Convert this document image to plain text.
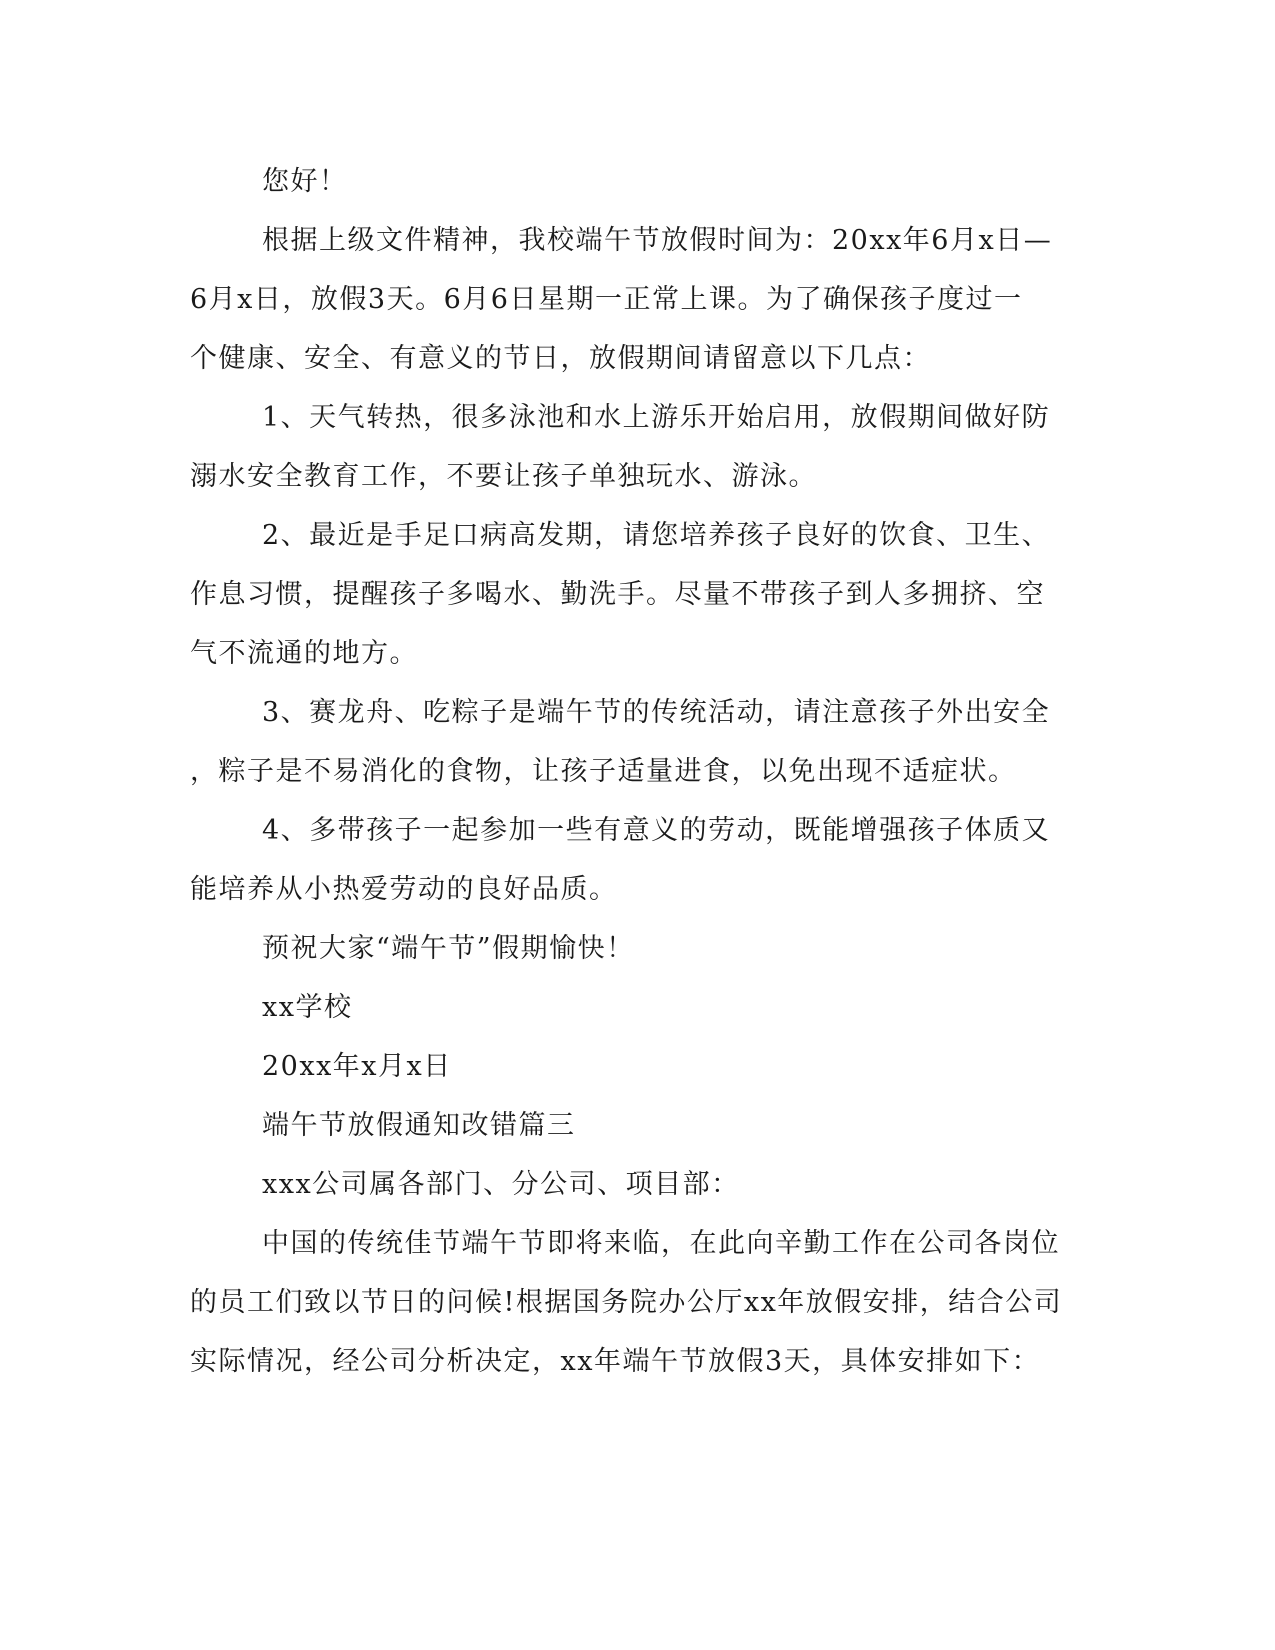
您好！
根据上级文件精神，我校端午节放假时间为：20xx年6月x日—
6月x日，放假3天。6月6日星期一正常上课。为了确保孩子度过一
个健康、安全、有意义的节日，放假期间请留意以下几点：
1、天气转热，很多泳池和水上游乐开始启用，放假期间做好防
溺水安全教育工作，不要让孩子单独玩水、游泳。
2、最近是手足口病高发期，请您培养孩子良好的饮食、卫生、
作息习惯，提醒孩子多喝水、勤洗手。尽量不带孩子到人多拥挤、空
气不流通的地方。
3、赛龙舟、吃粽子是端午节的传统活动，请注意孩子外出安全
，粽子是不易消化的食物，让孩子适量进食，以免出现不适症状。
4、多带孩子一起参加一些有意义的劳动，既能增强孩子体质又
能培养从小热爱劳动的良好品质。
预祝大家“端午节”假期愉快！
xx学校
20xx年x月x日
端午节放假通知改错篇三
xxx公司属各部门、分公司、项目部：
中国的传统佳节端午节即将来临，在此向辛勤工作在公司各岗位
的员工们致以节日的问候!根据国务院办公厅xx年放假安排，结合公司
实际情况，经公司分析决定，xx年端午节放假3天，具体安排如下：
